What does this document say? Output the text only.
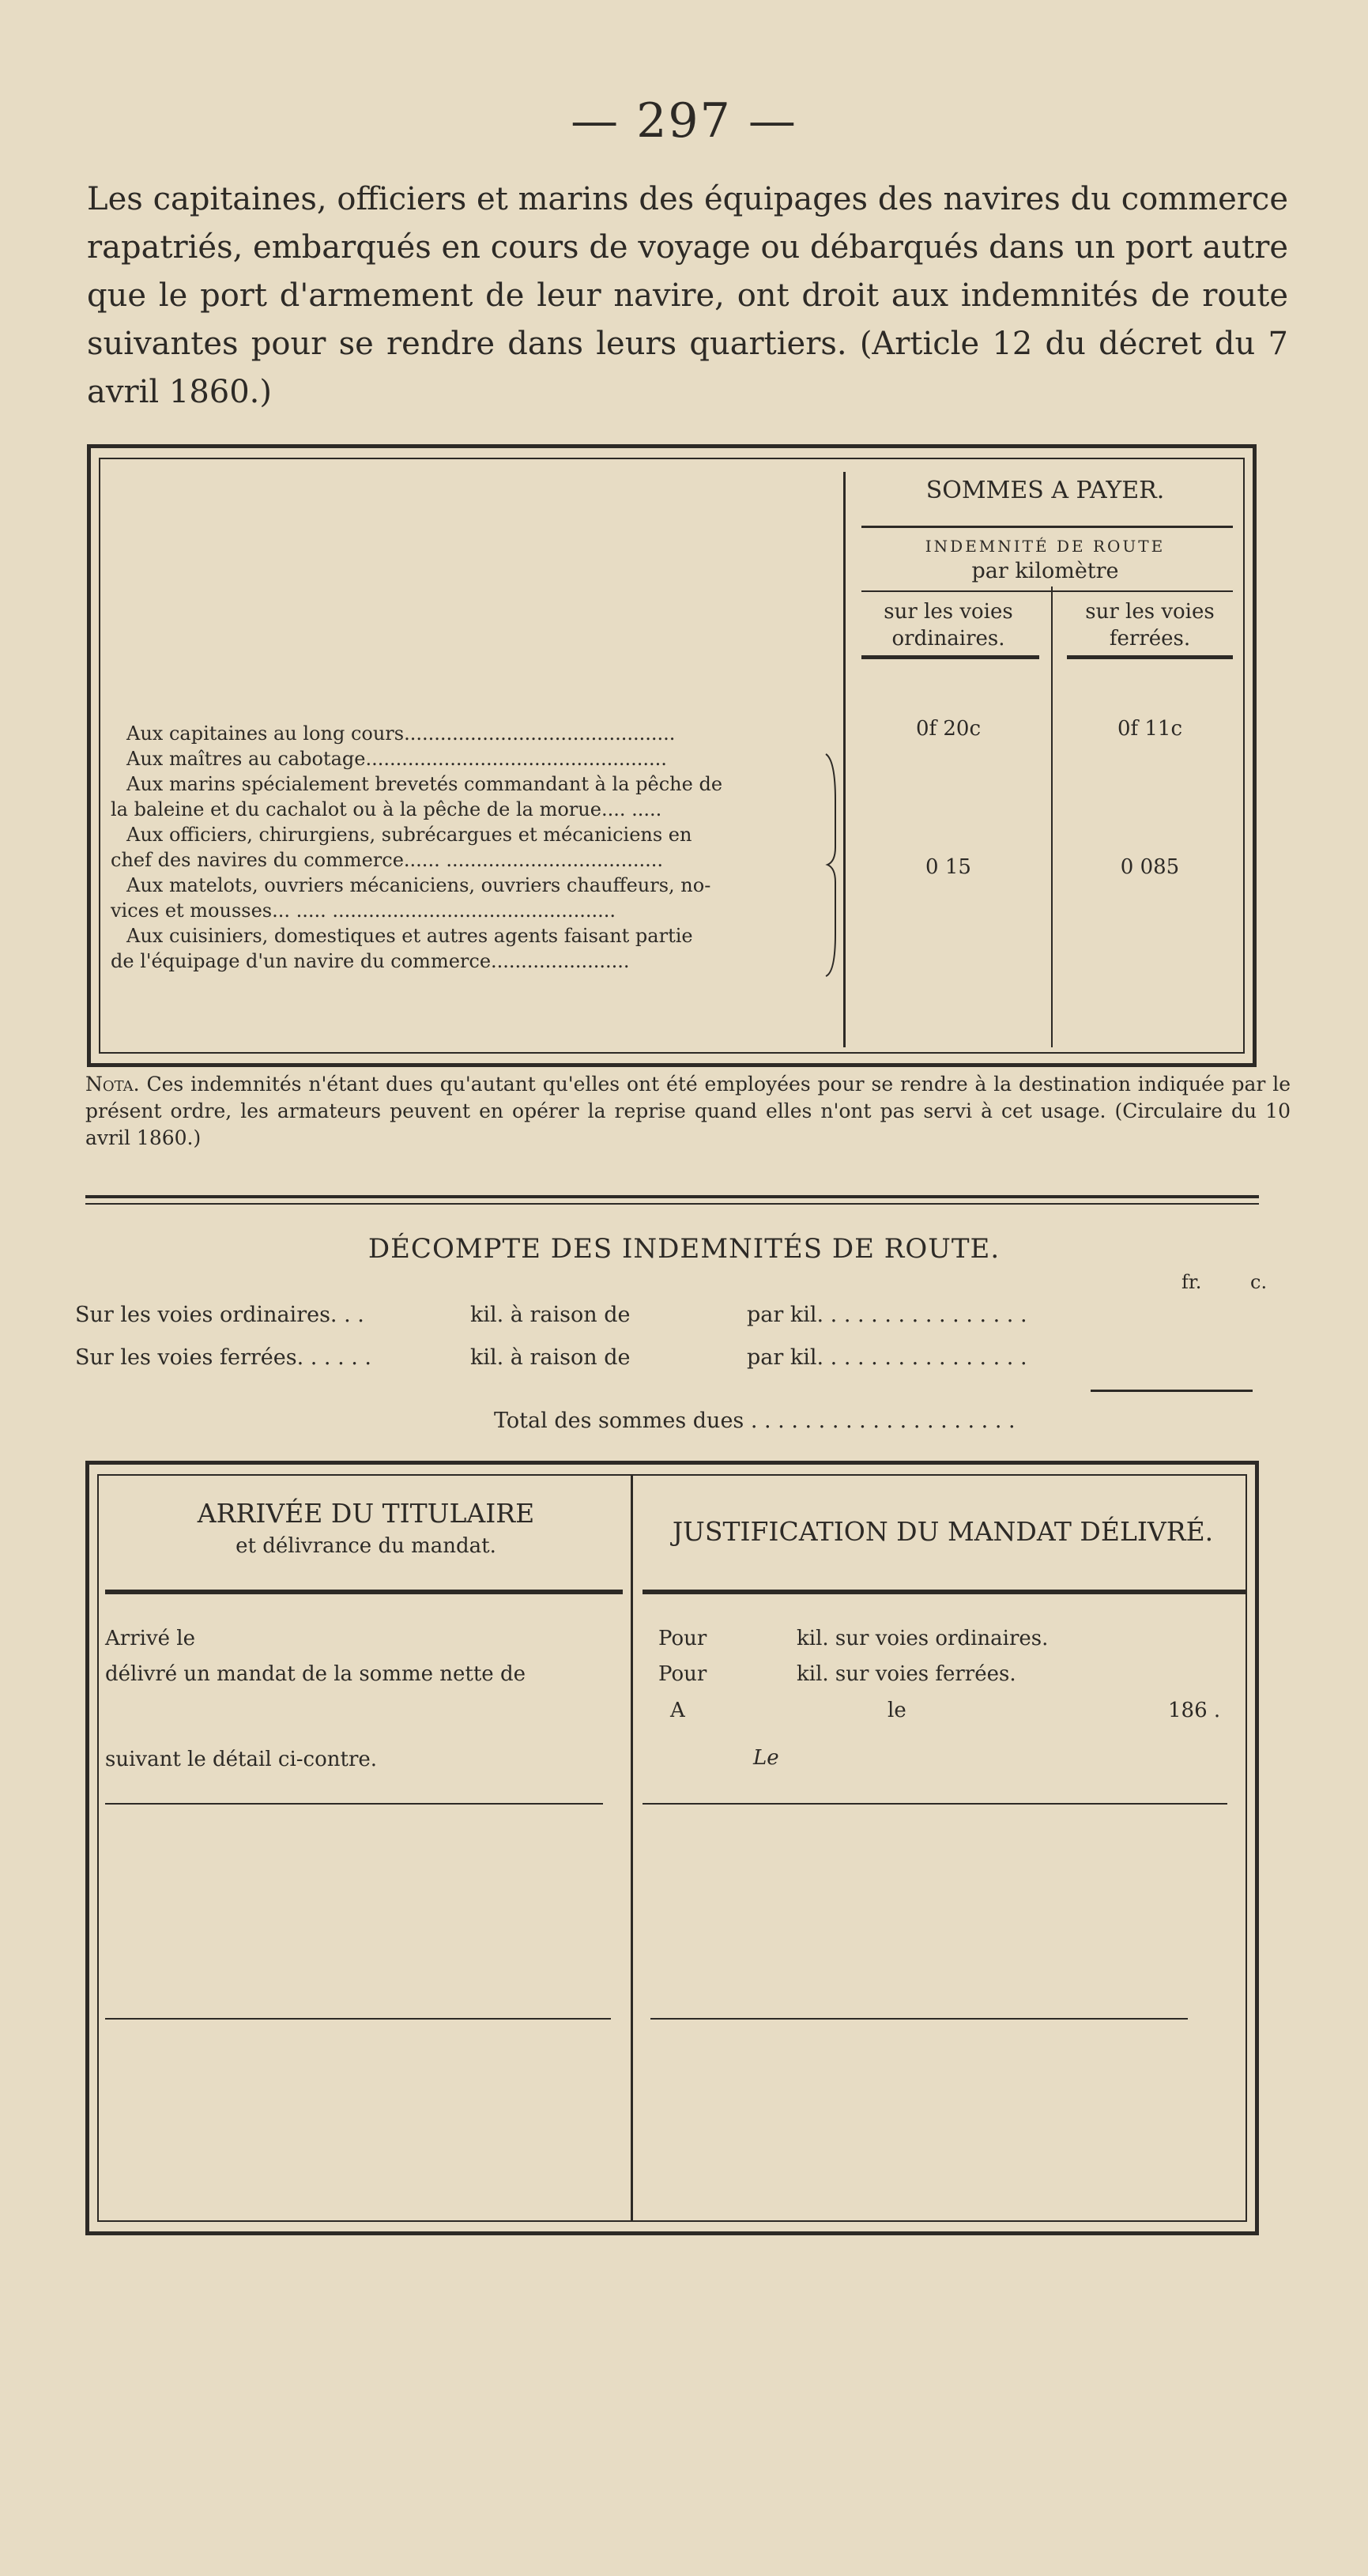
— 297 —
Les capitaines, officiers et marins des équipages des navires du commerce rapatriés, embarqués en cours de voyage ou débarqués dans un port autre que le port d'armement de leur navire, ont droit aux indemnités de route suivantes pour se rendre dans leurs quartiers. (Article 12 du décret du 7 avril 1860.)
SOMMES A PAYER.
INDEMNITÉ DE ROUTE
par kilomètre
sur les voies
ordinaires.
sur les voies
ferrées.
Aux capitaines au long cours.............................................
Aux maîtres au cabotage..................................................
Aux marins spécialement brevetés commandant à la pêche de
la baleine et du cachalot ou à la pêche de la morue.... .....
Aux officiers, chirurgiens, subrécargues et mécaniciens en
chef des navires du commerce...... ....................................
Aux matelots, ouvriers mécaniciens, ouvriers chauffeurs, no-
vices et mousses... ..... ...............................................
Aux cuisiniers, domestiques et autres agents faisant partie
de l'équipage d'un navire du commerce.......................
0f 20c	0f 11c
0 15	0 085
Nota. Ces indemnités n'étant dues qu'autant qu'elles ont été employées pour se rendre à la destination indiquée par le présent ordre, les armateurs peuvent en opérer la reprise quand elles n'ont pas servi à cet usage. (Circulaire du 10 avril 1860.)
DÉCOMPTE DES INDEMNITÉS DE ROUTE.
fr.	c.
Sur les voies ordinaires. . .	kil. à raison de	par kil. . . . . . . . . . . . . . . .
Sur les voies ferrées. . . . . .	kil. à raison de	par kil. . . . . . . . . . . . . . . .
Total des sommes dues . . . . . . . . . . . . . . . . . . . .
ARRIVÉE DU TITULAIRE
et délivrance du mandat.	JUSTIFICATION DU MANDAT DÉLIVRÉ.
Arrivé le
délivré un mandat de la somme nette de
suivant le détail ci-contre.
Pour	kil. sur voies ordinaires.
Pour	kil. sur voies ferrées.
A	le	186 .
Le
